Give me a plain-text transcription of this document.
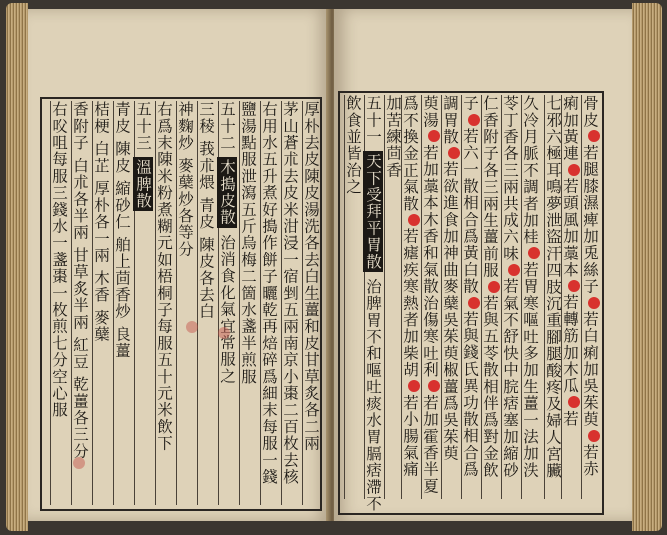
厚朴去皮陳皮湯洗各去白生薑和皮甘草炙各二兩
茅山蒼朮去皮米泔浸一宿剉五兩南京小棗二百枚去核
右用水五升煮好搗作餅子曬乾再焙碎爲細末每服一錢
鹽湯點服泄瀉五斤烏梅二箇水盞半煎服
五十二 木搗皮散 治消食化氣宜常服之
三稜 莪朮煨 青皮 陳皮各去白
神麴炒 麥蘖炒各等分
右爲末陳米粉煮糊元如梧桐子每服五十元米飲下
五十三 溫脾散
青皮 陳皮 縮砂仁 舶上茴香炒 良薑
桔梗 白芷 厚朴各一兩 木香 麥蘖
香附子 白朮各半兩 甘草炙半兩 紅豆 乾薑各三分
右㕮咀每服三錢水一盞棗一枚煎七分空心服	骨皮若腿膝濕痺加兎絲子若白痢加吳茱萸若赤
痢加黃連若頭風加藁本若轉筋加木瓜若
七邪六極耳鳴夢泄盜汗四肢沉重腳腿酸疼及婦人宮臟
久冷月脈不調者加桂若胃寒嘔吐多加生薑一法加泆
苓丁香各三兩共成六味若氣不舒快中脘痞塞加縮砂
仁香附子各三兩生薑前服若與五苓散相伴爲對金飲
子若六一散相合爲黃白散若與錢氏異功散相合爲
調胃散若欲進食加神曲麥蘖吳茱萸椒薑爲吳茱萸
萸湯若加藁本木香和氣散治傷寒吐利若加霍香半夏
爲不換金正氣散若瘧疾寒熱者加柴胡若小腸氣痛
加苦練茴香
五十一 天下受拜平胃散 治脾胃不和嘔吐痰水胃膈痞滯不
飲食並皆治之
